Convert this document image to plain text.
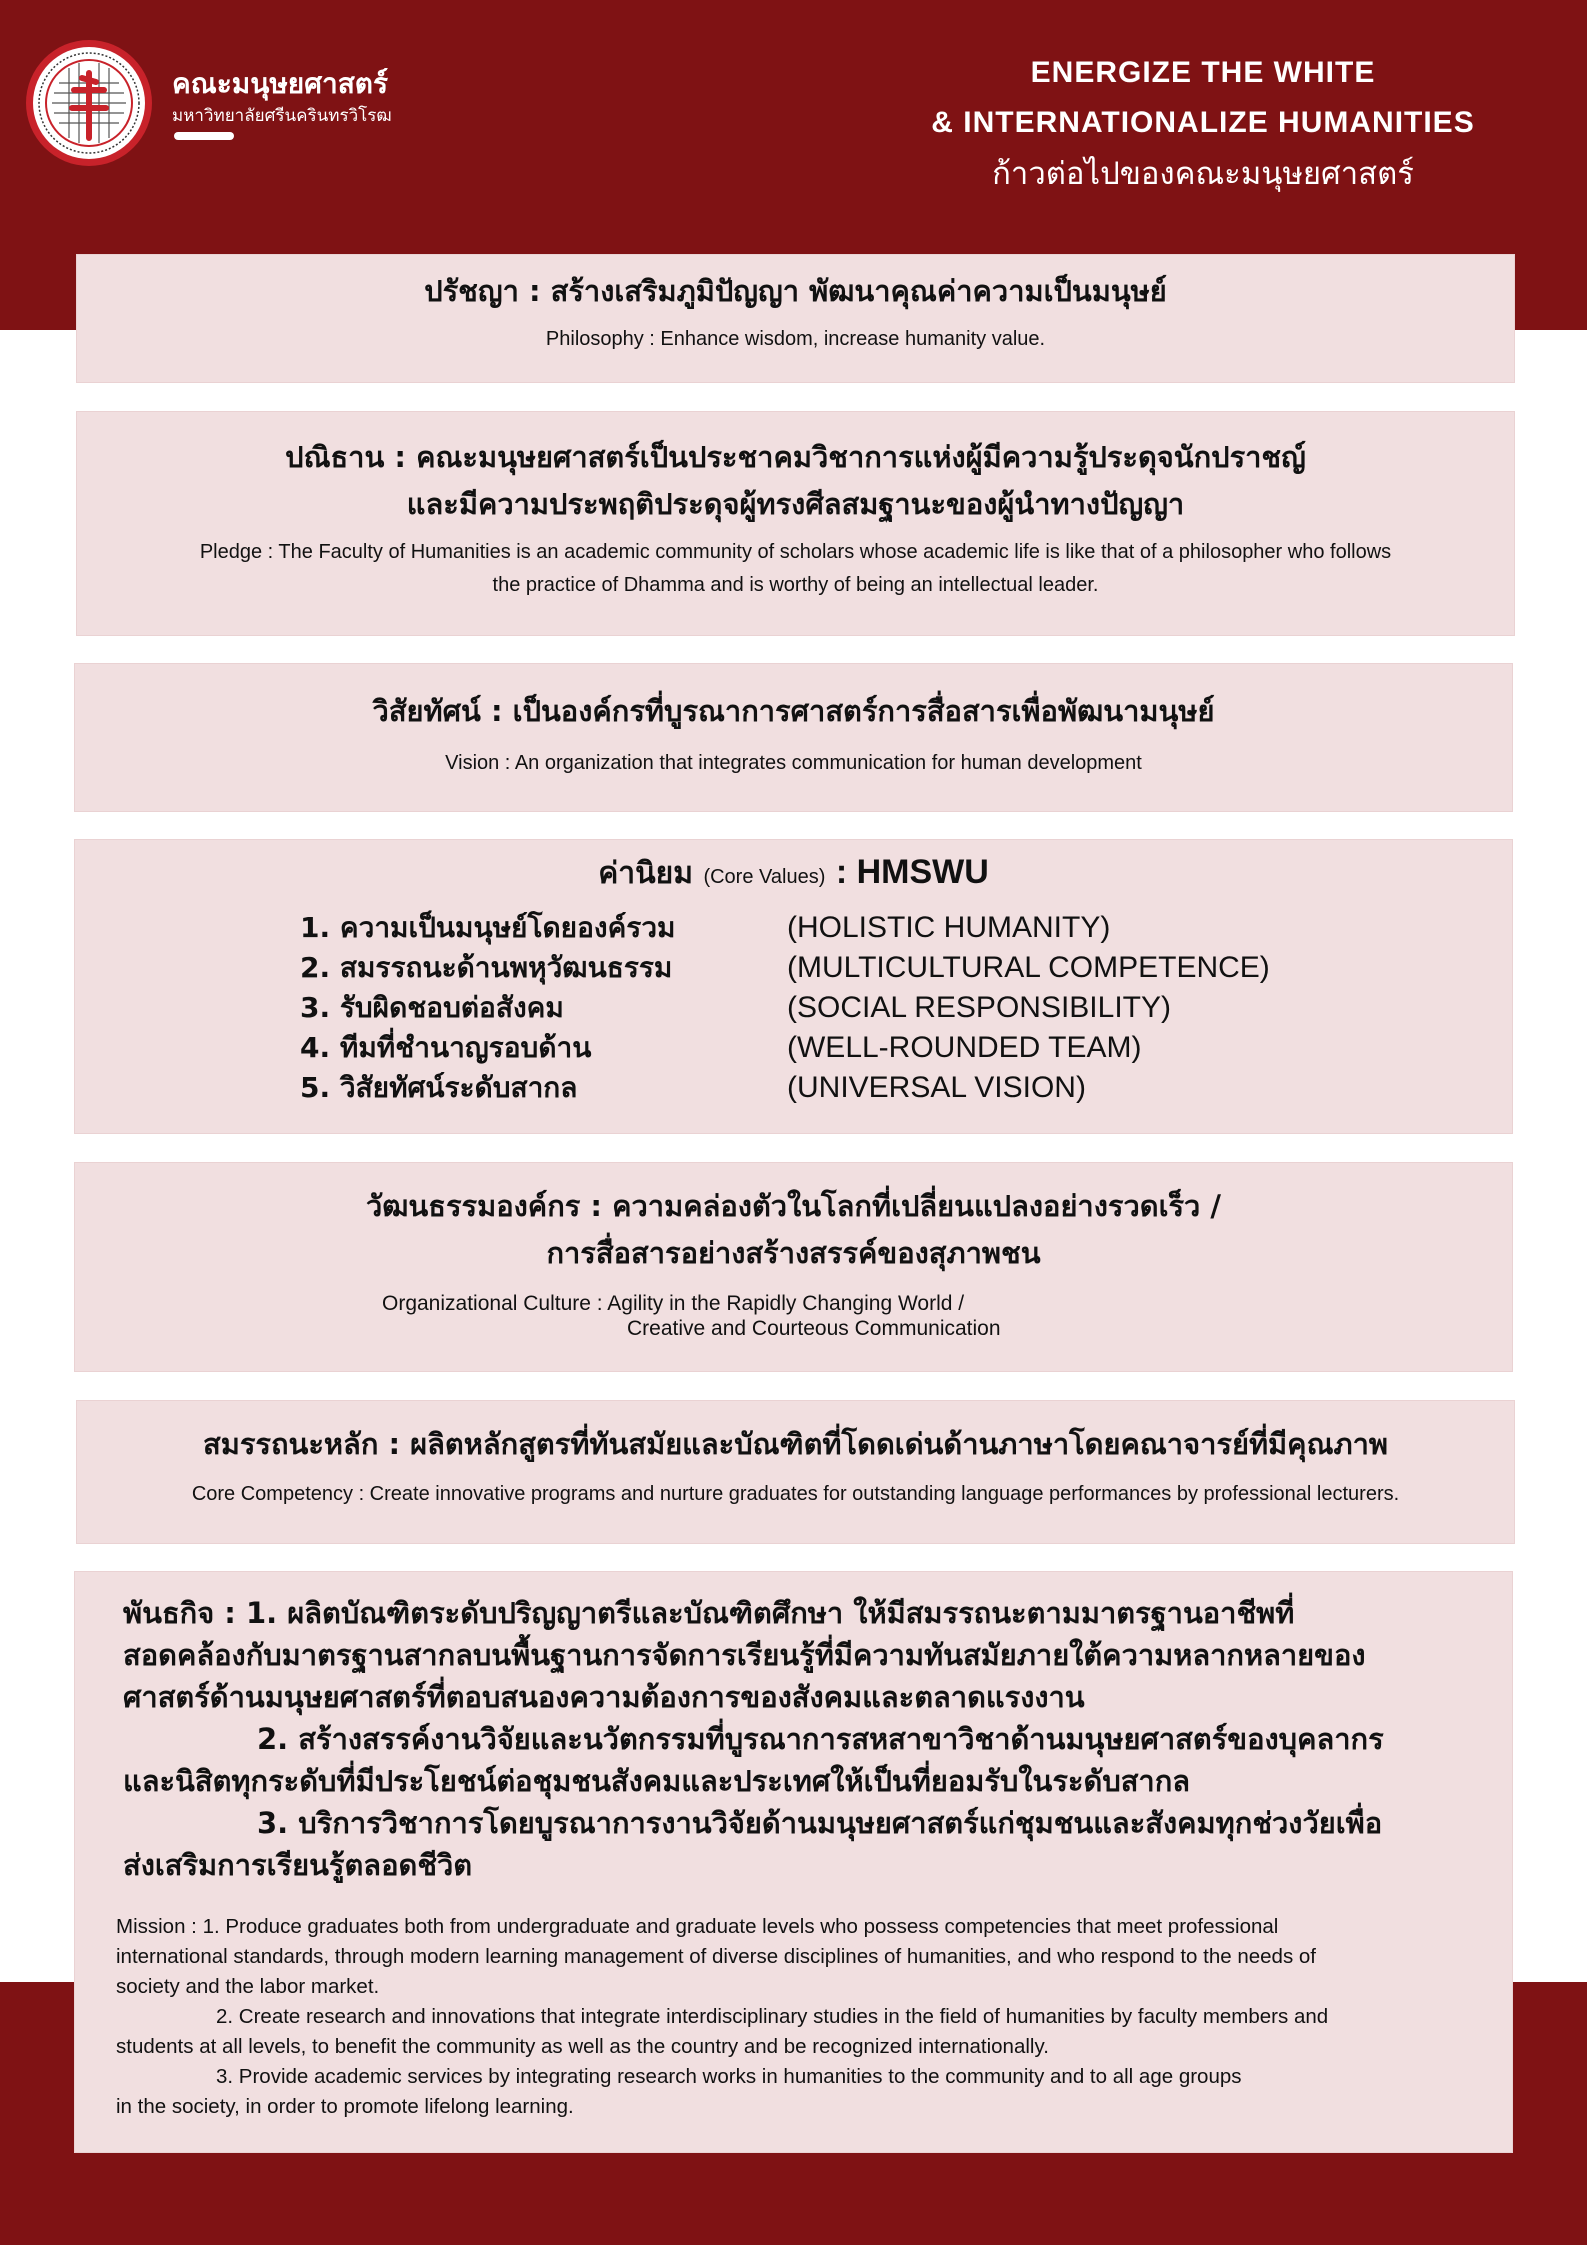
คณะมนุษยศาสตร์
มหาวิทยาลัยศรีนครินทรวิโรฒ
ENERGIZE THE WHITE
& INTERNATIONALIZE HUMANITIES
ก้าวต่อไปของคณะมนุษยศาสตร์
ปรัชญา : สร้างเสริมภูมิปัญญา พัฒนาคุณค่าความเป็นมนุษย์
Philosophy : Enhance wisdom, increase humanity value.
ปณิธาน : คณะมนุษยศาสตร์เป็นประชาคมวิชาการแห่งผู้มีความรู้ประดุจนักปราชญ์
และมีความประพฤติประดุจผู้ทรงศีลสมฐานะของผู้นำทางปัญญา
Pledge : The Faculty of Humanities is an academic community of scholars whose academic life is like that of a philosopher who follows
the practice of Dhamma and is worthy of being an intellectual leader.
วิสัยทัศน์ : เป็นองค์กรที่บูรณาการศาสตร์การสื่อสารเพื่อพัฒนามนุษย์
Vision : An organization that integrates communication for human development
ค่านิยม (Core Values) : HMSWU
1. ความเป็นมนุษย์โดยองค์รวม	(HOLISTIC HUMANITY)
2. สมรรถนะด้านพหุวัฒนธรรม	(MULTICULTURAL COMPETENCE)
3. รับผิดชอบต่อสังคม	(SOCIAL RESPONSIBILITY)
4. ทีมที่ชำนาญรอบด้าน	(WELL-ROUNDED TEAM)
5. วิสัยทัศน์ระดับสากล	(UNIVERSAL VISION)
วัฒนธรรมองค์กร : ความคล่องตัวในโลกที่เปลี่ยนแปลงอย่างรวดเร็ว /
การสื่อสารอย่างสร้างสรรค์ของสุภาพชน
Organizational Culture : Agility in the Rapidly Changing World /
Creative and Courteous Communication
สมรรถนะหลัก : ผลิตหลักสูตรที่ทันสมัยและบัณฑิตที่โดดเด่นด้านภาษาโดยคณาจารย์ที่มีคุณภาพ
Core Competency : Create innovative programs and nurture graduates for outstanding language performances by professional lecturers.
พันธกิจ : 1. ผลิตบัณฑิตระดับปริญญาตรีและบัณฑิตศึกษา ให้มีสมรรถนะตามมาตรฐานอาชีพที่
สอดคล้องกับมาตรฐานสากลบนพื้นฐานการจัดการเรียนรู้ที่มีความทันสมัยภายใต้ความหลากหลายของ
ศาสตร์ด้านมนุษยศาสตร์ที่ตอบสนองความต้องการของสังคมและตลาดแรงงาน
2. สร้างสรรค์งานวิจัยและนวัตกรรมที่บูรณาการสหสาขาวิชาด้านมนุษยศาสตร์ของบุคลากร
และนิสิตทุกระดับที่มีประโยชน์ต่อชุมชนสังคมและประเทศให้เป็นที่ยอมรับในระดับสากล
3. บริการวิชาการโดยบูรณาการงานวิจัยด้านมนุษยศาสตร์แก่ชุมชนและสังคมทุกช่วงวัยเพื่อ
ส่งเสริมการเรียนรู้ตลอดชีวิต
Mission : 1. Produce graduates both from undergraduate and graduate levels who possess competencies that meet professional
international standards, through modern learning management of diverse disciplines of humanities, and who respond to the needs of
society and the labor market.
2. Create research and innovations that integrate interdisciplinary studies in the field of humanities by faculty members and
students at all levels, to benefit the community as well as the country and be recognized internationally.
3. Provide academic services by integrating research works in humanities to the community and to all age groups
in the society, in order to promote lifelong learning.
